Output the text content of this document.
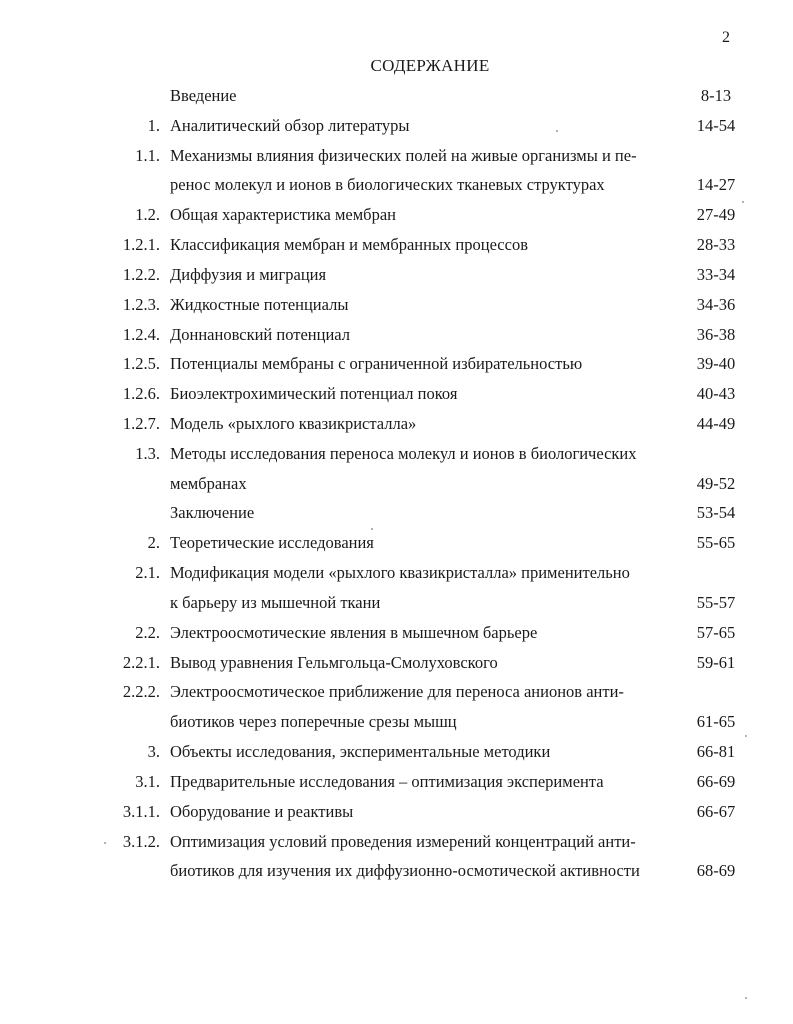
2
СОДЕРЖАНИЕ
Введение	8-13
1. Аналитический обзор литературы	14-54
1.1. Механизмы влияния физических полей на живые организмы и пе-
ренос молекул и ионов в биологических тканевых структурах	14-27
1.2. Общая характеристика мембран	27-49
1.2.1. Классификация мембран и мембранных процессов	28-33
1.2.2. Диффузия и миграция	33-34
1.2.3. Жидкостные потенциалы	34-36
1.2.4. Доннановский потенциал	36-38
1.2.5. Потенциалы мембраны с ограниченной избирательностью	39-40
1.2.6. Биоэлектрохимический потенциал покоя	40-43
1.2.7. Модель «рыхлого квазикристалла»	44-49
1.3. Методы исследования переноса молекул и ионов в биологических
мембранах	49-52
Заключение	53-54
2. Теоретические исследования	55-65
2.1. Модификация модели «рыхлого квазикристалла» применительно
к барьеру из мышечной ткани	55-57
2.2. Электроосмотические явления в мышечном барьере	57-65
2.2.1. Вывод уравнения Гельмгольца-Смолуховского	59-61
2.2.2. Электроосмотическое приближение для переноса анионов анти-
биотиков через поперечные срезы мышц	61-65
3. Объекты исследования, экспериментальные методики	66-81
3.1. Предварительные исследования – оптимизация эксперимента	66-69
3.1.1. Оборудование и реактивы	66-67
3.1.2. Оптимизация условий проведения измерений концентраций анти-
биотиков для изучения их диффузионно-осмотической активности	68-69
